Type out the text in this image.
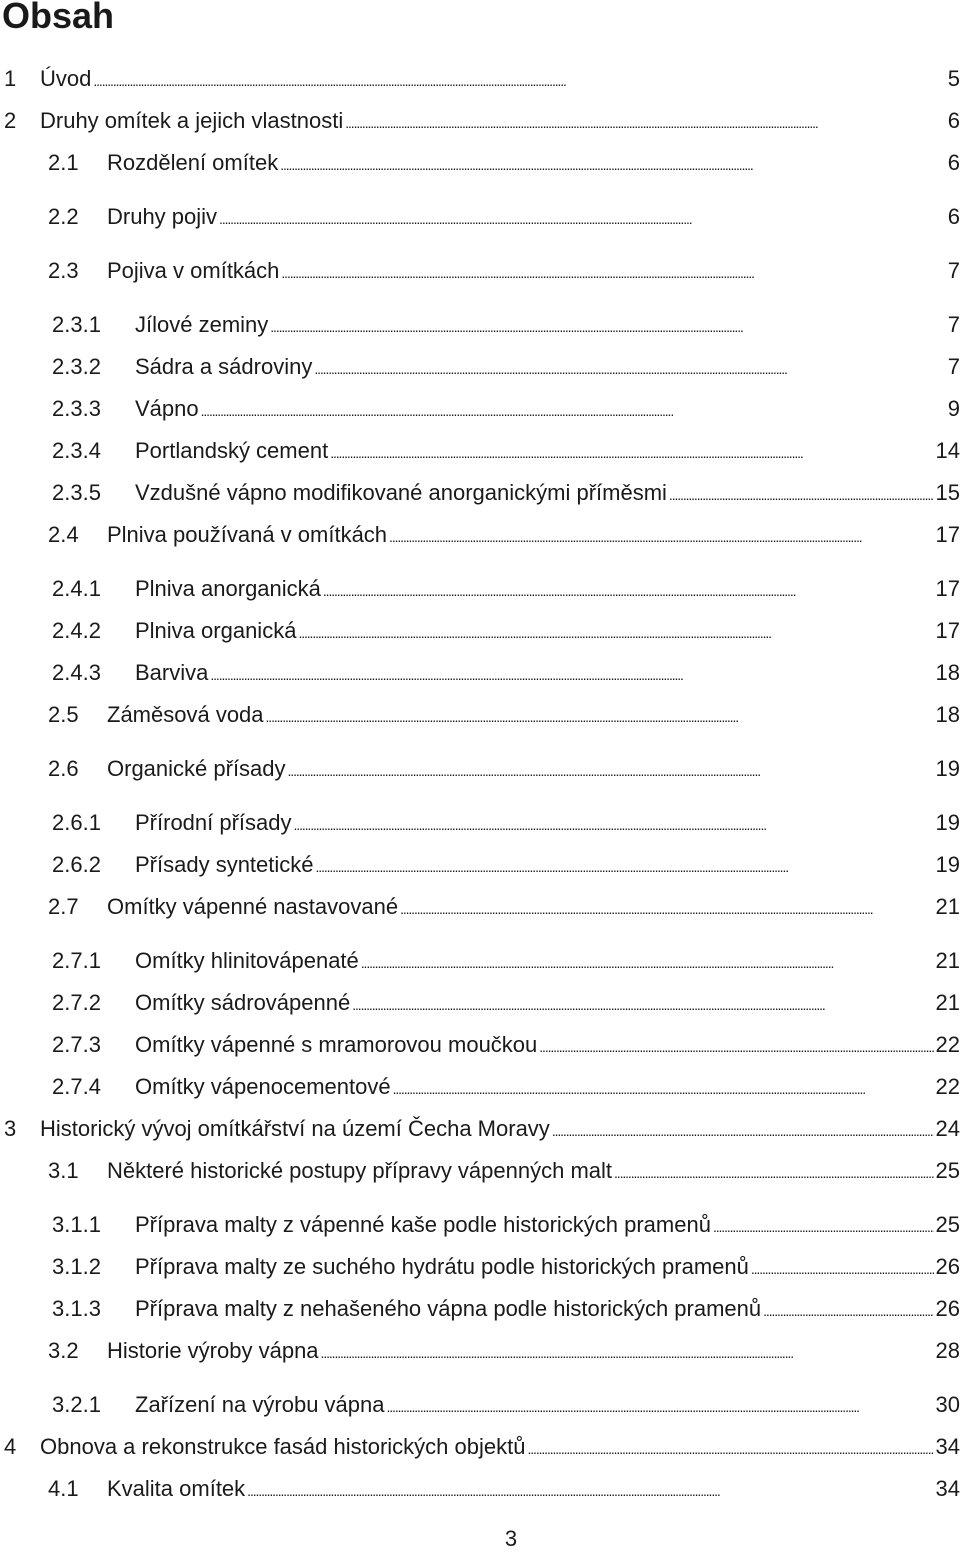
Obsah
1 Úvod . . .	5
2 Druhy omítek a jejich vlastnosti . . .	6
2.1 Rozdělení omítek . . .	6
2.2 Druhy pojiv . . .	6
2.3 Pojiva v omítkách . . .	7
2.3.1 Jílové zeminy . . .	7
2.3.2 Sádra a sádroviny . . .	7
2.3.3 Vápno . . .	9
2.3.4 Portlandský cement . . .	14
2.3.5 Vzdušné vápno modifikované anorganickými příměsmi . . .	15
2.4 Plniva používaná v omítkách . . .	17
2.4.1 Plniva anorganická . . .	17
2.4.2 Plniva organická . . .	17
2.4.3 Barviva . . .	18
2.5 Záměsová voda . . .	18
2.6 Organické přísady . . .	19
2.6.1 Přírodní přísady . . .	19
2.6.2 Přísady syntetické . . .	19
2.7 Omítky vápenné nastavované . . .	21
2.7.1 Omítky hlinitovápenaté . . .	21
2.7.2 Omítky sádrovápenné . . .	21
2.7.3 Omítky vápenné s mramorovou moučkou . . .	22
2.7.4 Omítky vápenocementové . . .	22
3 Historický vývoj omítkářství na území Čecha Moravy . . .	24
3.1 Některé historické postupy přípravy vápenných malt . . .	25
3.1.1 Příprava malty z vápenné kaše podle historických pramenů . . .	25
3.1.2 Příprava malty ze suchého hydrátu podle historických pramenů . . .	26
3.1.3 Příprava malty z nehašeného vápna podle historických pramenů . . .	26
3.2 Historie výroby vápna . . .	28
3.2.1 Zařízení na výrobu vápna . . .	30
4 Obnova a rekonstrukce fasád historických objektů . . .	34
4.1 Kvalita omítek . . .	34
3
